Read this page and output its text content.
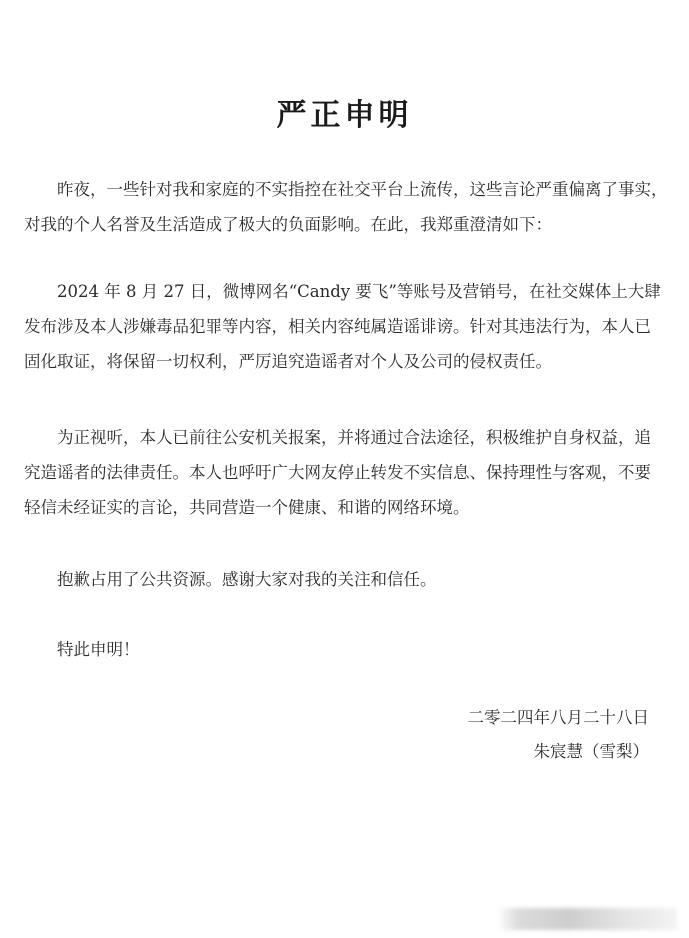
严正申明
昨夜，一些针对我和家庭的不实指控在社交平台上流传，这些言论严重偏离了事实，
对我的个人名誉及生活造成了极大的负面影响。在此，我郑重澄清如下：
2024 年 8 月 27 日，微博网名“Candy 要飞”等账号及营销号，在社交媒体上大肆
发布涉及本人涉嫌毒品犯罪等内容，相关内容纯属造谣诽谤。针对其违法行为，本人已
固化取证，将保留一切权利，严厉追究造谣者对个人及公司的侵权责任。
为正视听，本人已前往公安机关报案，并将通过合法途径，积极维护自身权益，追
究造谣者的法律责任。本人也呼吁广大网友停止转发不实信息、保持理性与客观，不要
轻信未经证实的言论，共同营造一个健康、和谐的网络环境。
抱歉占用了公共资源。感谢大家对我的关注和信任。
特此申明！
二零二四年八月二十八日
朱宸慧（雪梨）
